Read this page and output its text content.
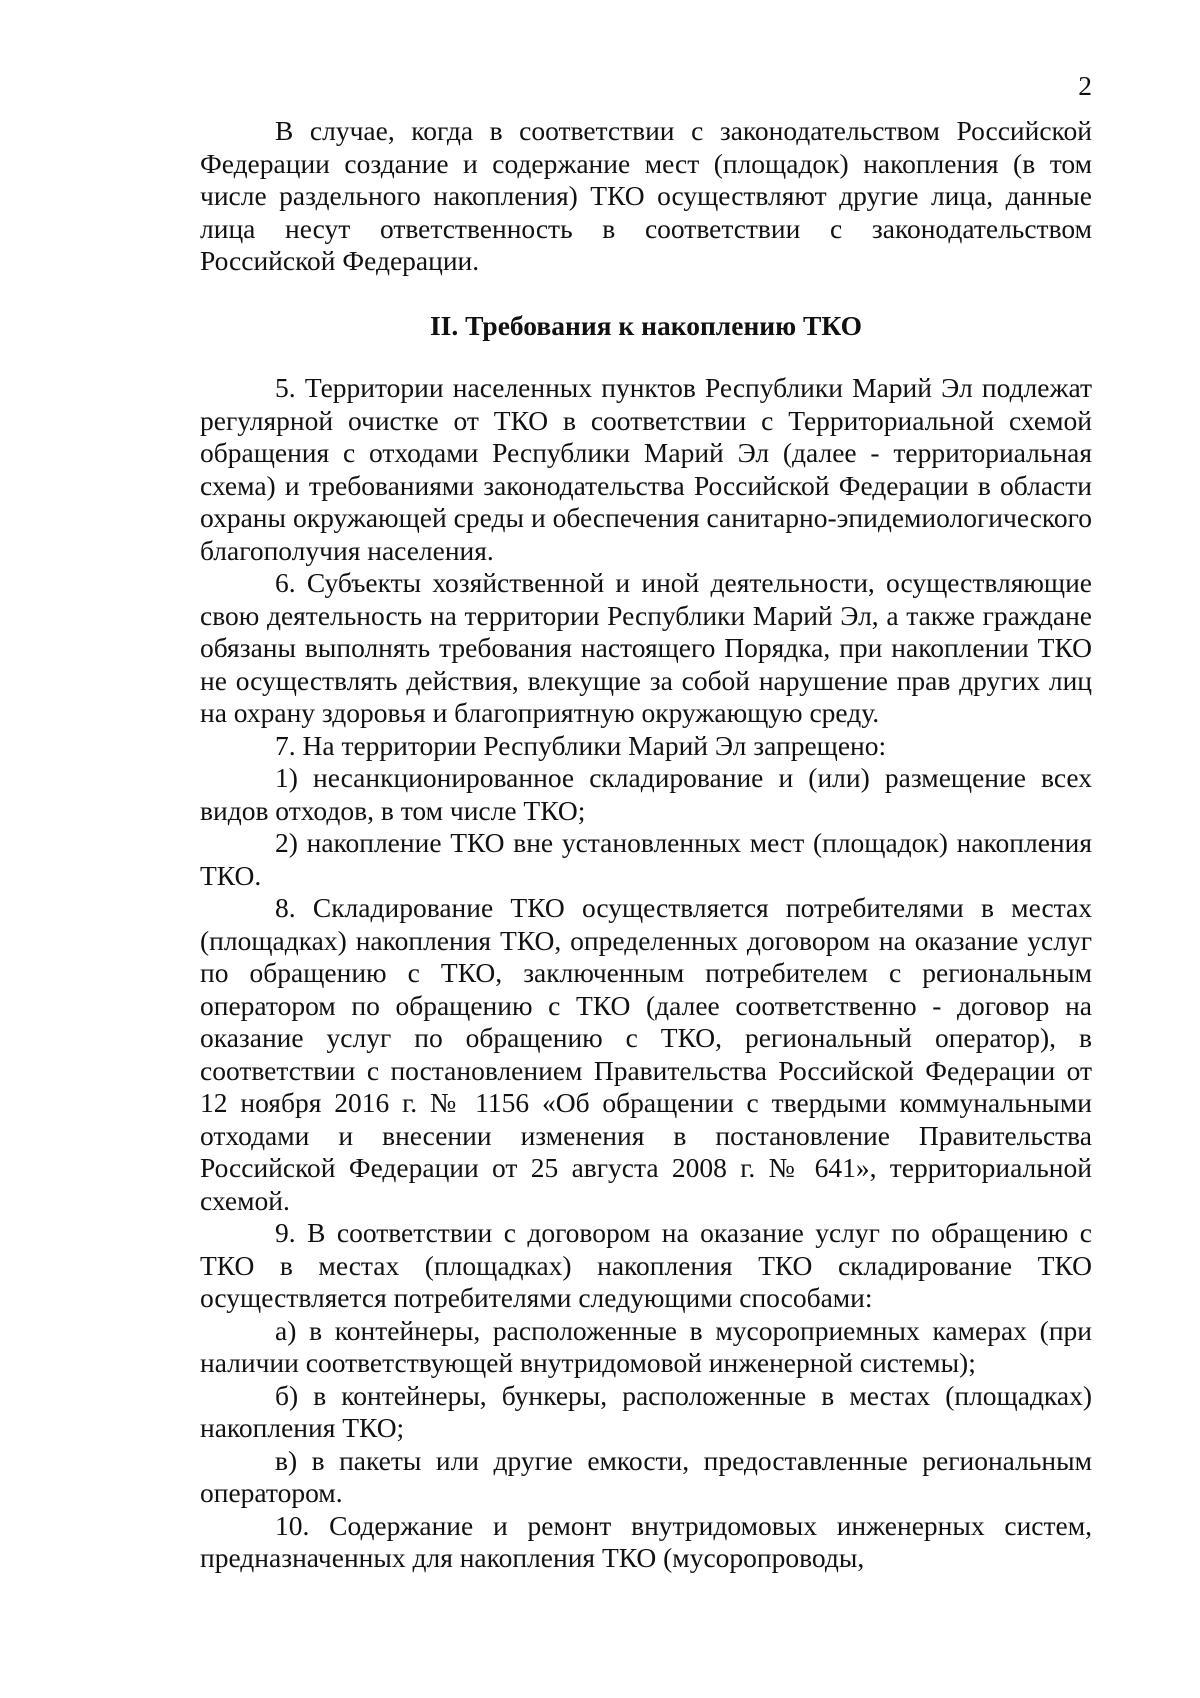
2

В случае, когда в соответствии с законодательством Российской Федерации создание и содержание мест (площадок) накопления (в том числе раздельного накопления) ТКО осуществляют другие лица, данные лица несут ответственность в соответствии с законодательством Российской Федерации.

II. Требования к накоплению ТКО

5. Территории населенных пунктов Республики Марий Эл подлежат регулярной очистке от ТКО в соответствии с Территориальной схемой обращения с отходами Республики Марий Эл (далее - территориальная схема) и требованиями законодательства Российской Федерации в области охраны окружающей среды и обеспечения санитарно-эпидемиологического благополучия населения.

6. Субъекты хозяйственной и иной деятельности, осуществляющие свою деятельность на территории Республики Марий Эл, а также граждане обязаны выполнять требования настоящего Порядка, при накоплении ТКО не осуществлять действия, влекущие за собой нарушение прав других лиц на охрану здоровья и благоприятную окружающую среду.

7. На территории Республики Марий Эл запрещено:

1) несанкционированное складирование и (или) размещение всех видов отходов, в том числе ТКО;

2) накопление ТКО вне установленных мест (площадок) накопления ТКО.

8. Складирование ТКО осуществляется потребителями в местах (площадках) накопления ТКО, определенных договором на оказание услуг по обращению с ТКО, заключенным потребителем с региональным оператором по обращению с ТКО (далее соответственно - договор на оказание услуг по обращению с ТКО, региональный оператор), в соответствии с постановлением Правительства Российской Федерации от 12 ноября 2016 г. № 1156 «Об обращении с твердыми коммунальными отходами и внесении изменения в постановление Правительства Российской Федерации от 25 августа 2008 г. № 641», территориальной схемой.

9. В соответствии с договором на оказание услуг по обращению с ТКО в местах (площадках) накопления ТКО складирование ТКО осуществляется потребителями следующими способами:

а) в контейнеры, расположенные в мусороприемных камерах (при наличии соответствующей внутридомовой инженерной системы);

б) в контейнеры, бункеры, расположенные в местах (площадках) накопления ТКО;

в) в пакеты или другие емкости, предоставленные региональным оператором.

10. Содержание и ремонт внутридомовых инженерных систем, предназначенных для накопления ТКО (мусоропроводы,
